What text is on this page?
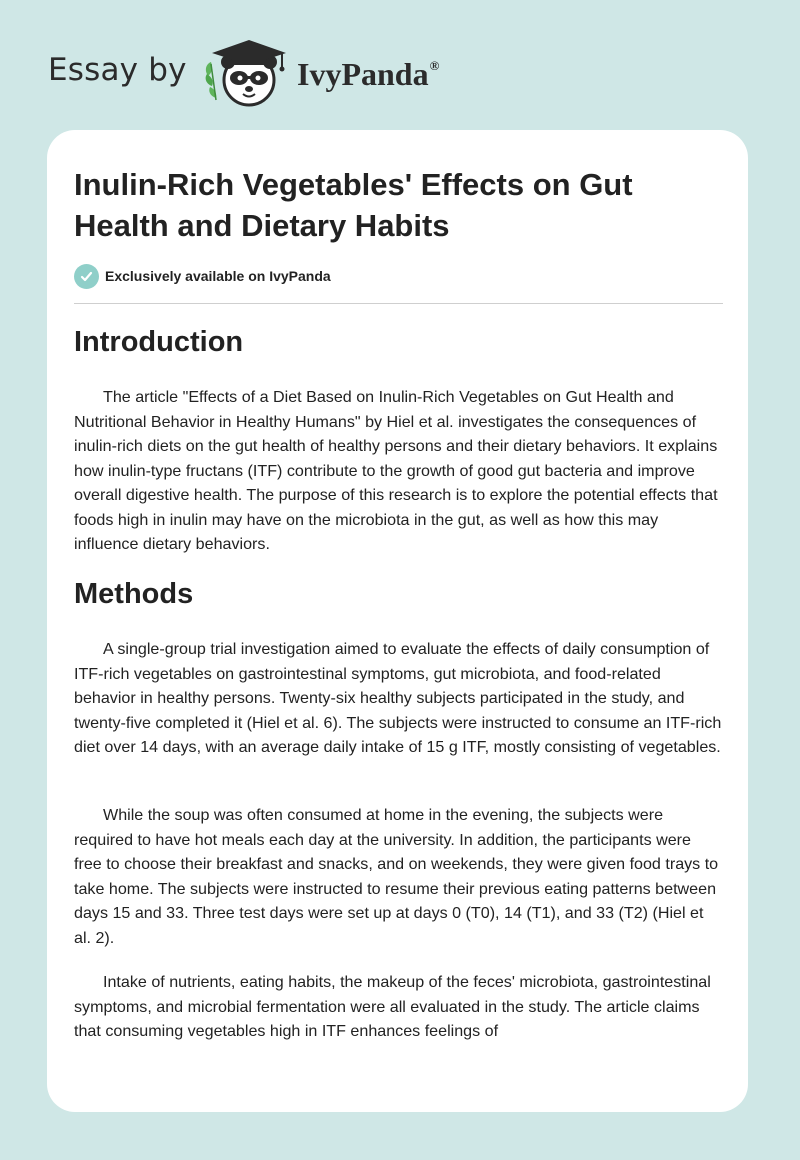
Essay by	IvyPanda®
Inulin-Rich Vegetables' Effects on Gut Health and Dietary Habits
Exclusively available on IvyPanda
Introduction

The article "Effects of a Diet Based on Inulin-Rich Vegetables on Gut Health and Nutritional Behavior in Healthy Humans" by Hiel et al. investigates the consequences of inulin-rich diets on the gut health of healthy persons and their dietary behaviors. It explains how inulin-type fructans (ITF) contribute to the growth of good gut bacteria and improve overall digestive health. The purpose of this research is to explore the potential effects that foods high in inulin may have on the microbiota in the gut, as well as how this may influence dietary behaviors.

Methods

A single-group trial investigation aimed to evaluate the effects of daily consumption of ITF-rich vegetables on gastrointestinal symptoms, gut microbiota, and food-related behavior in healthy persons. Twenty-six healthy subjects participated in the study, and twenty-five completed it (Hiel et al. 6). The subjects were instructed to consume an ITF-rich diet over 14 days, with an average daily intake of 15 g ITF, mostly consisting of vegetables.

While the soup was often consumed at home in the evening, the subjects were required to have hot meals each day at the university. In addition, the participants were free to choose their breakfast and snacks, and on weekends, they were given food trays to take home. The subjects were instructed to resume their previous eating patterns between days 15 and 33. Three test days were set up at days 0 (T0), 14 (T1), and 33 (T2) (Hiel et al. 2).

Intake of nutrients, eating habits, the makeup of the feces' microbiota, gastrointestinal symptoms, and microbial fermentation were all evaluated in the study. The article claims that consuming vegetables high in ITF enhances feelings of
